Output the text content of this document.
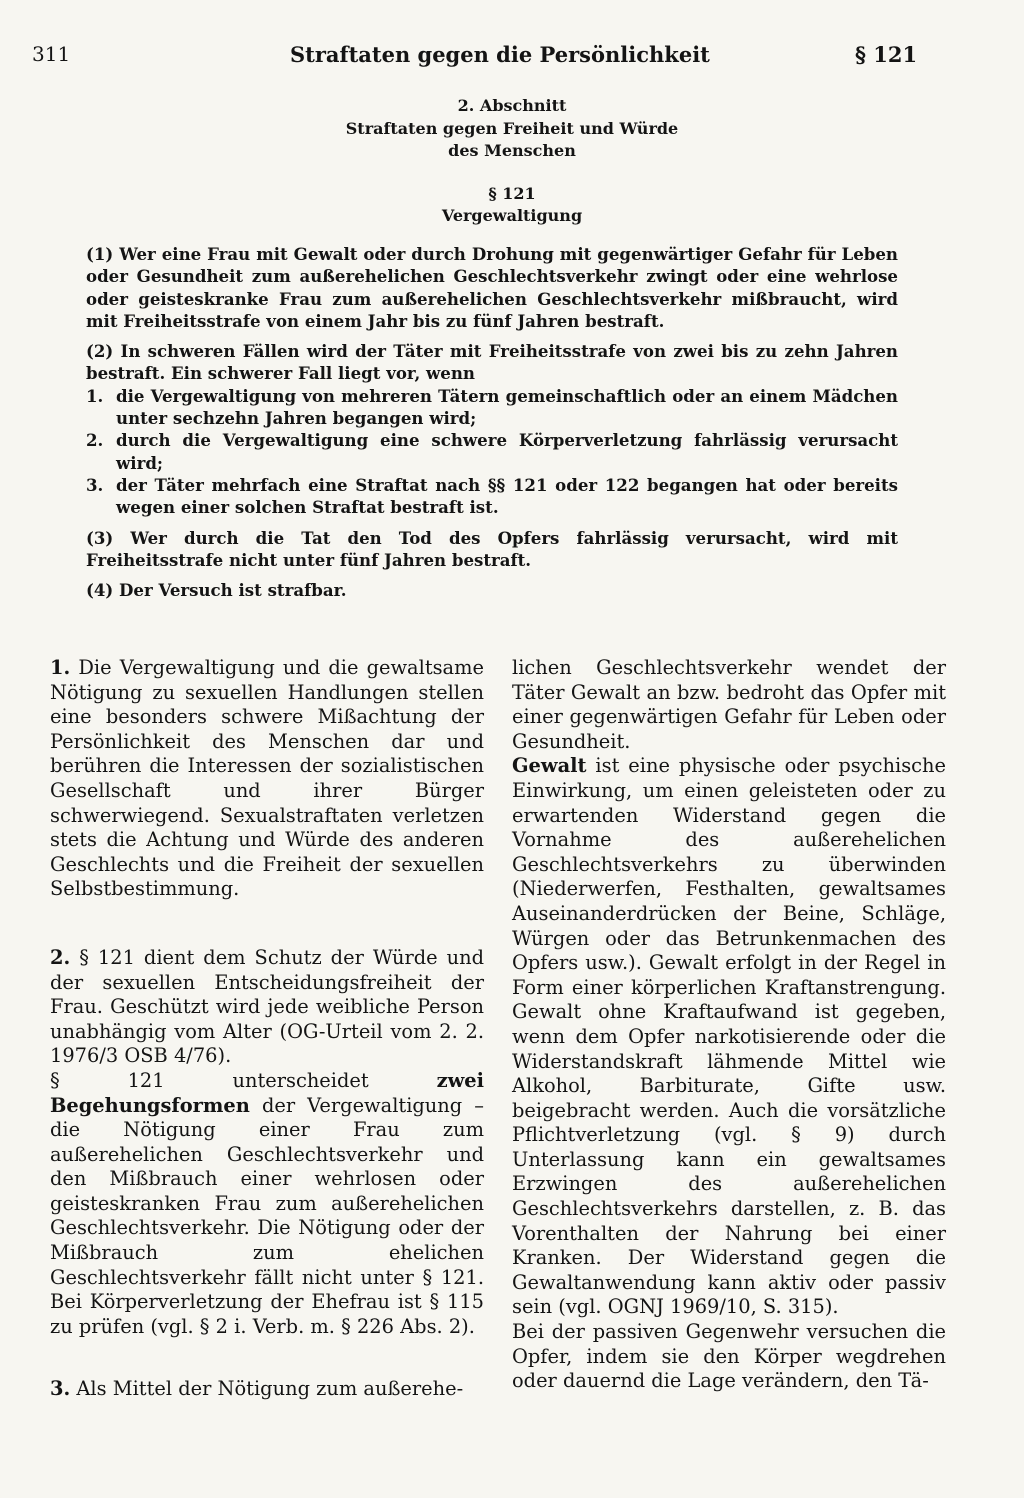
311	Straftaten gegen die Persönlichkeit	§ 121
2. Abschnitt
Straftaten gegen Freiheit und Würde
des Menschen
§ 121
Vergewaltigung

(1) Wer eine Frau mit Gewalt oder durch Drohung mit gegenwärtiger Gefahr für Leben oder Gesundheit zum außerehelichen Geschlechtsverkehr zwingt oder eine wehrlose oder geisteskranke Frau zum außerehelichen Geschlechtsverkehr mißbraucht, wird mit Freiheitsstrafe von einem Jahr bis zu fünf Jahren bestraft.

(2) In schweren Fällen wird der Täter mit Freiheitsstrafe von zwei bis zu zehn Jahren bestraft. Ein schwerer Fall liegt vor, wenn

1. die Vergewaltigung von mehreren Tätern gemeinschaftlich oder an einem Mädchen unter sechzehn Jahren begangen wird;
2. durch die Vergewaltigung eine schwere Körperverletzung fahrlässig verursacht wird;
3. der Täter mehrfach eine Straftat nach §§ 121 oder 122 begangen hat oder bereits wegen einer solchen Straftat bestraft ist.

(3) Wer durch die Tat den Tod des Opfers fahrlässig verursacht, wird mit Freiheitsstrafe nicht unter fünf Jahren bestraft.

(4) Der Versuch ist strafbar.

1. Die Vergewaltigung und die gewaltsame Nötigung zu sexuellen Handlungen stellen eine besonders schwere Mißachtung der Persönlichkeit des Menschen dar und berühren die Interessen der sozialistischen Gesellschaft und ihrer Bürger schwerwiegend. Sexualstraftaten verletzen stets die Achtung und Würde des anderen Geschlechts und die Freiheit der sexuellen Selbstbestimmung.

2. § 121 dient dem Schutz der Würde und der sexuellen Entscheidungsfreiheit der Frau. Geschützt wird jede weibliche Person unabhängig vom Alter (OG-Urteil vom 2. 2. 1976/3 OSB 4/76).

§ 121 unterscheidet	zwei Begehungsformen der Vergewaltigung – die Nötigung einer Frau zum außerehelichen Geschlechtsverkehr und den Mißbrauch einer wehrlosen oder geisteskranken Frau zum außerehelichen Geschlechtsverkehr. Die Nötigung oder der Mißbrauch zum ehelichen Geschlechtsverkehr fällt nicht unter § 121. Bei Körperverletzung der Ehefrau ist § 115 zu prüfen (vgl. § 2 i. Verb. m. § 226 Abs. 2).

3. Als Mittel der Nötigung zum außerehe-

lichen Geschlechtsverkehr wendet der Täter Gewalt an bzw. bedroht das Opfer mit einer gegenwärtigen Gefahr für Leben oder Gesundheit.

Gewalt ist eine physische oder psychische Einwirkung, um einen geleisteten oder zu erwartenden Widerstand gegen die Vornahme des außerehelichen Geschlechtsverkehrs zu überwinden (Niederwerfen, Festhalten, gewaltsames Auseinanderdrücken der Beine, Schläge, Würgen oder das Betrunkenmachen des Opfers usw.). Gewalt erfolgt in der Regel in Form einer körperlichen Kraftanstrengung. Gewalt ohne Kraftaufwand ist gegeben, wenn dem Opfer narkotisierende oder die Widerstandskraft lähmende Mittel wie Alkohol, Barbiturate, Gifte usw. beigebracht werden. Auch die vorsätzliche Pflichtverletzung (vgl. § 9) durch Unterlassung kann ein gewaltsames Erzwingen des außerehelichen Geschlechtsverkehrs darstellen, z. B. das Vorenthalten der Nahrung bei einer Kranken. Der Widerstand gegen die Gewaltanwendung kann aktiv oder passiv sein (vgl. OGNJ 1969/10, S. 315).

Bei der passiven Gegenwehr versuchen die Opfer, indem sie den Körper wegdrehen oder dauernd die Lage verändern, den Tä-
